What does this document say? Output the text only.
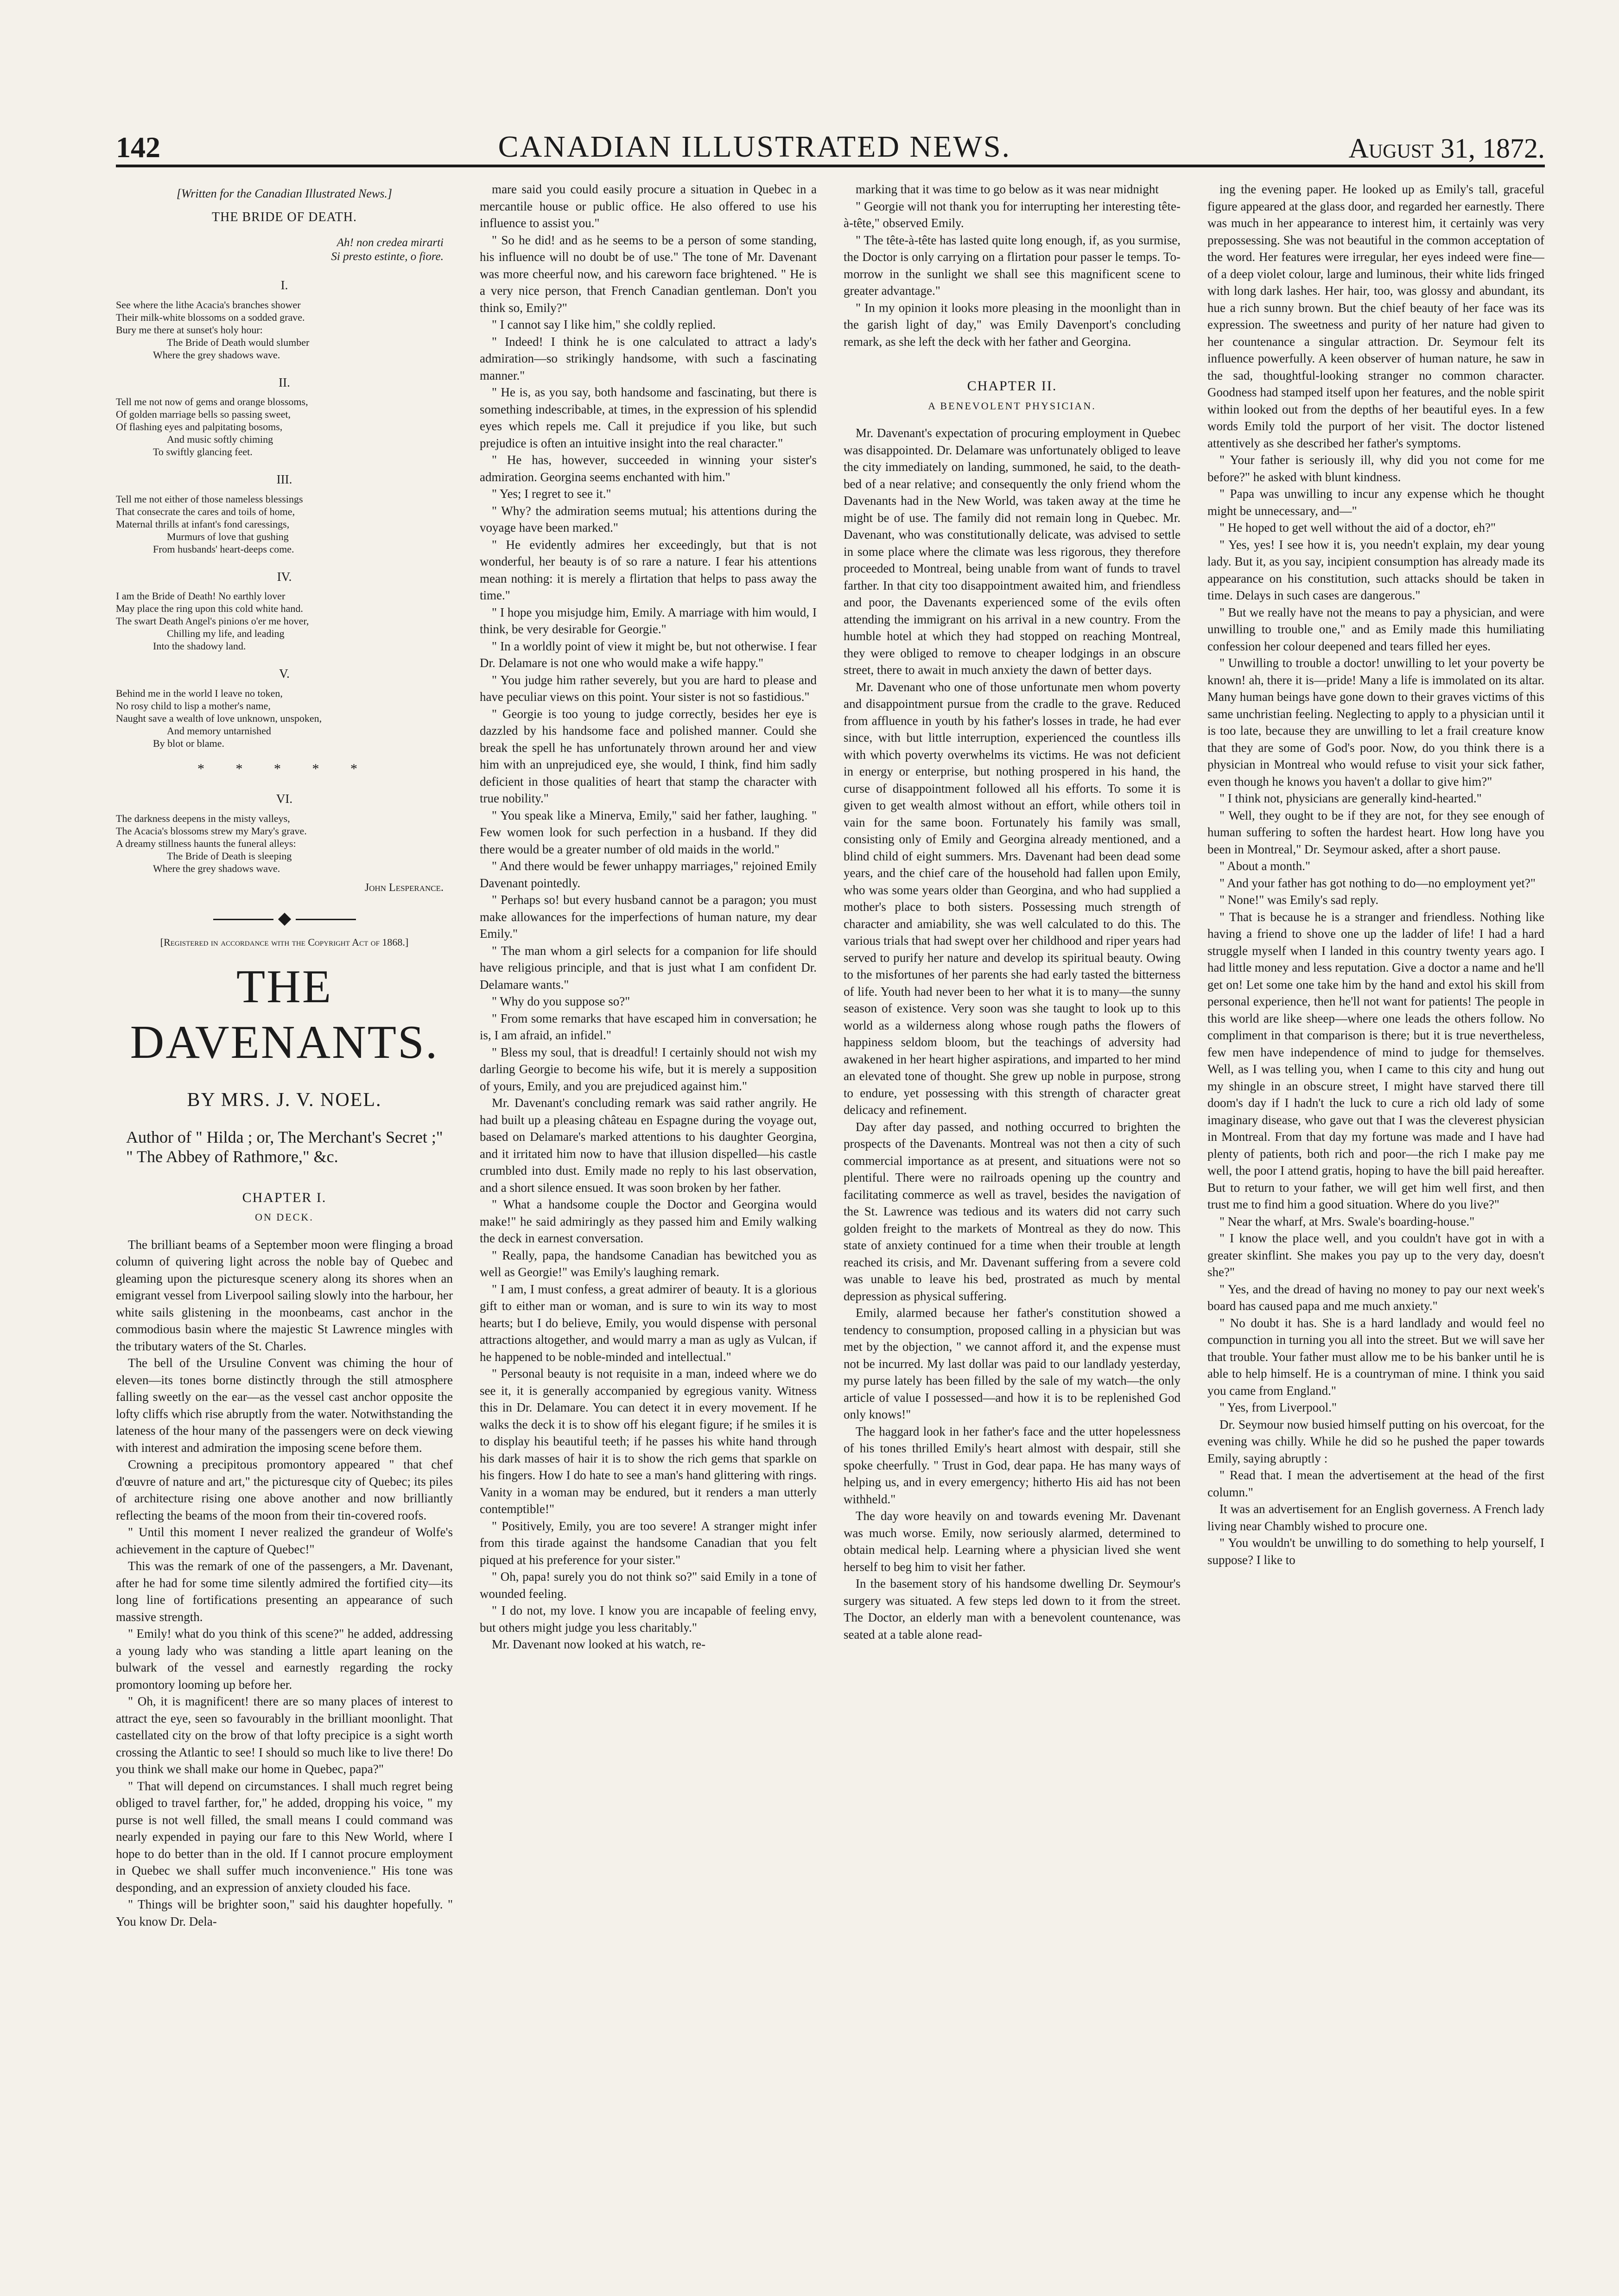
142	CANADIAN ILLUSTRATED NEWS.	August 31, 1872.
[Written for the Canadian Illustrated News.]
THE BRIDE OF DEATH.
Ah! non credea mirarti
Si presto estinte, o fiore.
I.
See where the lithe Acacia's branches shower
Their milk-white blossoms on a sodded grave.
Bury me there at sunset's holy hour:
The Bride of Death would slumber
Where the grey shadows wave.
II.
Tell me not now of gems and orange blossoms,
Of golden marriage bells so passing sweet,
Of flashing eyes and palpitating bosoms,
And music softly chiming
To swiftly glancing feet.
III.
Tell me not either of those nameless blessings
That consecrate the cares and toils of home,
Maternal thrills at infant's fond caressings,
Murmurs of love that gushing
From husbands' heart-deeps come.
IV.
I am the Bride of Death! No earthly lover
May place the ring upon this cold white hand.
The swart Death Angel's pinions o'er me hover,
Chilling my life, and leading
Into the shadowy land.
V.
Behind me in the world I leave no token,
No rosy child to lisp a mother's name,
Naught save a wealth of love unknown, unspoken,
And memory untarnished
By blot or blame.
* * * * *
VI.
The darkness deepens in the misty valleys,
The Acacia's blossoms strew my Mary's grave.
A dreamy stillness haunts the funeral alleys:
The Bride of Death is sleeping
Where the grey shadows wave.
John Lesperance.
[Registered in accordance with the Copyright Act of 1868.]
THE DAVENANTS.
BY MRS. J. V. NOEL.
Author of " Hilda ; or, The Merchant's Secret ;" " The Abbey of Rathmore," &c.
CHAPTER I.
ON DECK.

The brilliant beams of a September moon were flinging a broad column of quivering light across the noble bay of Quebec and gleaming upon the picturesque scenery along its shores when an emigrant vessel from Liverpool sailing slowly into the harbour, her white sails glistening in the moonbeams, cast anchor in the commodious basin where the majestic St Lawrence mingles with the tributary waters of the St. Charles.

The bell of the Ursuline Convent was chiming the hour of eleven—its tones borne distinctly through the still atmosphere falling sweetly on the ear—as the vessel cast anchor opposite the lofty cliffs which rise abruptly from the water. Notwithstanding the lateness of the hour many of the passengers were on deck viewing with interest and admiration the imposing scene before them.

Crowning a precipitous promontory appeared " that chef d'œuvre of nature and art," the picturesque city of Quebec; its piles of architecture rising one above another and now brilliantly reflecting the beams of the moon from their tin-covered roofs.

" Until this moment I never realized the grandeur of Wolfe's achievement in the capture of Quebec!"

This was the remark of one of the passengers, a Mr. Davenant, after he had for some time silently admired the fortified city—its long line of fortifications presenting an appearance of such massive strength.

" Emily! what do you think of this scene?" he added, addressing a young lady who was standing a little apart leaning on the bulwark of the vessel and earnestly regarding the rocky promontory looming up before her.

" Oh, it is magnificent! there are so many places of interest to attract the eye, seen so favourably in the brilliant moonlight. That castellated city on the brow of that lofty precipice is a sight worth crossing the Atlantic to see! I should so much like to live there! Do you think we shall make our home in Quebec, papa?"

" That will depend on circumstances. I shall much regret being obliged to travel farther, for," he added, dropping his voice, " my purse is not well filled, the small means I could command was nearly expended in paying our fare to this New World, where I hope to do better than in the old. If I cannot procure employment in Quebec we shall suffer much inconvenience." His tone was desponding, and an expression of anxiety clouded his face.

" Things will be brighter soon," said his daughter hopefully. " You know Dr. Dela-

mare said you could easily procure a situation in Quebec in a mercantile house or public office. He also offered to use his influence to assist you."

" So he did! and as he seems to be a person of some standing, his influence will no doubt be of use." The tone of Mr. Davenant was more cheerful now, and his careworn face brightened. " He is a very nice person, that French Canadian gentleman. Don't you think so, Emily?"

" I cannot say I like him," she coldly replied.

" Indeed! I think he is one calculated to attract a lady's admiration—so strikingly handsome, with such a fascinating manner."

" He is, as you say, both handsome and fascinating, but there is something indescribable, at times, in the expression of his splendid eyes which repels me. Call it prejudice if you like, but such prejudice is often an intuitive insight into the real character."

" He has, however, succeeded in winning your sister's admiration. Georgina seems enchanted with him."

" Yes; I regret to see it."

" Why? the admiration seems mutual; his attentions during the voyage have been marked."

" He evidently admires her exceedingly, but that is not wonderful, her beauty is of so rare a nature. I fear his attentions mean nothing: it is merely a flirtation that helps to pass away the time."

" I hope you misjudge him, Emily. A marriage with him would, I think, be very desirable for Georgie."

" In a worldly point of view it might be, but not otherwise. I fear Dr. Delamare is not one who would make a wife happy."

" You judge him rather severely, but you are hard to please and have peculiar views on this point. Your sister is not so fastidious."

" Georgie is too young to judge correctly, besides her eye is dazzled by his handsome face and polished manner. Could she break the spell he has unfortunately thrown around her and view him with an unprejudiced eye, she would, I think, find him sadly deficient in those qualities of heart that stamp the character with true nobility."

" You speak like a Minerva, Emily," said her father, laughing. " Few women look for such perfection in a husband. If they did there would be a greater number of old maids in the world."

" And there would be fewer unhappy marriages," rejoined Emily Davenant pointedly.

" Perhaps so! but every husband cannot be a paragon; you must make allowances for the imperfections of human nature, my dear Emily."

" The man whom a girl selects for a companion for life should have religious principle, and that is just what I am confident Dr. Delamare wants."

" Why do you suppose so?"

" From some remarks that have escaped him in conversation; he is, I am afraid, an infidel."

" Bless my soul, that is dreadful! I certainly should not wish my darling Georgie to become his wife, but it is merely a supposition of yours, Emily, and you are prejudiced against him."

Mr. Davenant's concluding remark was said rather angrily. He had built up a pleasing château en Espagne during the voyage out, based on Delamare's marked attentions to his daughter Georgina, and it irritated him now to have that illusion dispelled—his castle crumbled into dust. Emily made no reply to his last observation, and a short silence ensued. It was soon broken by her father.

" What a handsome couple the Doctor and Georgina would make!" he said admiringly as they passed him and Emily walking the deck in earnest conversation.

" Really, papa, the handsome Canadian has bewitched you as well as Georgie!" was Emily's laughing remark.

" I am, I must confess, a great admirer of beauty. It is a glorious gift to either man or woman, and is sure to win its way to most hearts; but I do believe, Emily, you would dispense with personal attractions altogether, and would marry a man as ugly as Vulcan, if he happened to be noble-minded and intellectual."

" Personal beauty is not requisite in a man, indeed where we do see it, it is generally accompanied by egregious vanity. Witness this in Dr. Delamare. You can detect it in every movement. If he walks the deck it is to show off his elegant figure; if he smiles it is to display his beautiful teeth; if he passes his white hand through his dark masses of hair it is to show the rich gems that sparkle on his fingers. How I do hate to see a man's hand glittering with rings. Vanity in a woman may be endured, but it renders a man utterly contemptible!"

" Positively, Emily, you are too severe! A stranger might infer from this tirade against the handsome Canadian that you felt piqued at his preference for your sister."

" Oh, papa! surely you do not think so?" said Emily in a tone of wounded feeling.

" I do not, my love. I know you are incapable of feeling envy, but others might judge you less charitably."

Mr. Davenant now looked at his watch, re-

marking that it was time to go below as it was near midnight

" Georgie will not thank you for interrupting her interesting tête-à-tête," observed Emily.

" The tête-à-tête has lasted quite long enough, if, as you surmise, the Doctor is only carrying on a flirtation pour passer le temps. To-morrow in the sunlight we shall see this magnificent scene to greater advantage."

" In my opinion it looks more pleasing in the moonlight than in the garish light of day," was Emily Davenport's concluding remark, as she left the deck with her father and Georgina.

CHAPTER II.
A BENEVOLENT PHYSICIAN.

Mr. Davenant's expectation of procuring employment in Quebec was disappointed. Dr. Delamare was unfortunately obliged to leave the city immediately on landing, summoned, he said, to the death-bed of a near relative; and consequently the only friend whom the Davenants had in the New World, was taken away at the time he might be of use. The family did not remain long in Quebec. Mr. Davenant, who was constitutionally delicate, was advised to settle in some place where the climate was less rigorous, they therefore proceeded to Montreal, being unable from want of funds to travel farther. In that city too disappointment awaited him, and friendless and poor, the Davenants experienced some of the evils often attending the immigrant on his arrival in a new country. From the humble hotel at which they had stopped on reaching Montreal, they were obliged to remove to cheaper lodgings in an obscure street, there to await in much anxiety the dawn of better days.

Mr. Davenant who one of those unfortunate men whom poverty and disappointment pursue from the cradle to the grave. Reduced from affluence in youth by his father's losses in trade, he had ever since, with but little interruption, experienced the countless ills with which poverty overwhelms its victims. He was not deficient in energy or enterprise, but nothing prospered in his hand, the curse of disappointment followed all his efforts. To some it is given to get wealth almost without an effort, while others toil in vain for the same boon. Fortunately his family was small, consisting only of Emily and Georgina already mentioned, and a blind child of eight summers. Mrs. Davenant had been dead some years, and the chief care of the household had fallen upon Emily, who was some years older than Georgina, and who had supplied a mother's place to both sisters. Possessing much strength of character and amiability, she was well calculated to do this. The various trials that had swept over her childhood and riper years had served to purify her nature and develop its spiritual beauty. Owing to the misfortunes of her parents she had early tasted the bitterness of life. Youth had never been to her what it is to many—the sunny season of existence. Very soon was she taught to look up to this world as a wilderness along whose rough paths the flowers of happiness seldom bloom, but the teachings of adversity had awakened in her heart higher aspirations, and imparted to her mind an elevated tone of thought. She grew up noble in purpose, strong to endure, yet possessing with this strength of character great delicacy and refinement.

Day after day passed, and nothing occurred to brighten the prospects of the Davenants. Montreal was not then a city of such commercial importance as at present, and situations were not so plentiful. There were no railroads opening up the country and facilitating commerce as well as travel, besides the navigation of the St. Lawrence was tedious and its waters did not carry such golden freight to the markets of Montreal as they do now. This state of anxiety continued for a time when their trouble at length reached its crisis, and Mr. Davenant suffering from a severe cold was unable to leave his bed, prostrated as much by mental depression as physical suffering.

Emily, alarmed because her father's constitution showed a tendency to consumption, proposed calling in a physician but was met by the objection, " we cannot afford it, and the expense must not be incurred. My last dollar was paid to our landlady yesterday, my purse lately has been filled by the sale of my watch—the only article of value I possessed—and how it is to be replenished God only knows!"

The haggard look in her father's face and the utter hopelessness of his tones thrilled Emily's heart almost with despair, still she spoke cheerfully. " Trust in God, dear papa. He has many ways of helping us, and in every emergency; hitherto His aid has not been withheld."

The day wore heavily on and towards evening Mr. Davenant was much worse. Emily, now seriously alarmed, determined to obtain medical help. Learning where a physician lived she went herself to beg him to visit her father.

In the basement story of his handsome dwelling Dr. Seymour's surgery was situated. A few steps led down to it from the street. The Doctor, an elderly man with a benevolent countenance, was seated at a table alone read-

ing the evening paper. He looked up as Emily's tall, graceful figure appeared at the glass door, and regarded her earnestly. There was much in her appearance to interest him, it certainly was very prepossessing. She was not beautiful in the common acceptation of the word. Her features were irregular, her eyes indeed were fine—of a deep violet colour, large and luminous, their white lids fringed with long dark lashes. Her hair, too, was glossy and abundant, its hue a rich sunny brown. But the chief beauty of her face was its expression. The sweetness and purity of her nature had given to her countenance a singular attraction. Dr. Seymour felt its influence powerfully. A keen observer of human nature, he saw in the sad, thoughtful-looking stranger no common character. Goodness had stamped itself upon her features, and the noble spirit within looked out from the depths of her beautiful eyes. In a few words Emily told the purport of her visit. The doctor listened attentively as she described her father's symptoms.

" Your father is seriously ill, why did you not come for me before?" he asked with blunt kindness.

" Papa was unwilling to incur any expense which he thought might be unnecessary, and—"

" He hoped to get well without the aid of a doctor, eh?"

" Yes, yes! I see how it is, you needn't explain, my dear young lady. But it, as you say, incipient consumption has already made its appearance on his constitution, such attacks should be taken in time. Delays in such cases are dangerous."

" But we really have not the means to pay a physician, and were unwilling to trouble one," and as Emily made this humiliating confession her colour deepened and tears filled her eyes.

" Unwilling to trouble a doctor! unwilling to let your poverty be known! ah, there it is—pride! Many a life is immolated on its altar. Many human beings have gone down to their graves victims of this same unchristian feeling. Neglecting to apply to a physician until it is too late, because they are unwilling to let a frail creature know that they are some of God's poor. Now, do you think there is a physician in Montreal who would refuse to visit your sick father, even though he knows you haven't a dollar to give him?"

" I think not, physicians are generally kind-hearted."

" Well, they ought to be if they are not, for they see enough of human suffering to soften the hardest heart. How long have you been in Montreal," Dr. Seymour asked, after a short pause.

" About a month."

" And your father has got nothing to do—no employment yet?"

" None!" was Emily's sad reply.

" That is because he is a stranger and friendless. Nothing like having a friend to shove one up the ladder of life! I had a hard struggle myself when I landed in this country twenty years ago. I had little money and less reputation. Give a doctor a name and he'll get on! Let some one take him by the hand and extol his skill from personal experience, then he'll not want for patients! The people in this world are like sheep—where one leads the others follow. No compliment in that comparison is there; but it is true nevertheless, few men have independence of mind to judge for themselves. Well, as I was telling you, when I came to this city and hung out my shingle in an obscure street, I might have starved there till doom's day if I hadn't the luck to cure a rich old lady of some imaginary disease, who gave out that I was the cleverest physician in Montreal. From that day my fortune was made and I have had plenty of patients, both rich and poor—the rich I make pay me well, the poor I attend gratis, hoping to have the bill paid hereafter. But to return to your father, we will get him well first, and then trust me to find him a good situation. Where do you live?"

" Near the wharf, at Mrs. Swale's boarding-house."

" I know the place well, and you couldn't have got in with a greater skinflint. She makes you pay up to the very day, doesn't she?"

" Yes, and the dread of having no money to pay our next week's board has caused papa and me much anxiety."

" No doubt it has. She is a hard landlady and would feel no compunction in turning you all into the street. But we will save her that trouble. Your father must allow me to be his banker until he is able to help himself. He is a countryman of mine. I think you said you came from England."

" Yes, from Liverpool."

Dr. Seymour now busied himself putting on his overcoat, for the evening was chilly. While he did so he pushed the paper towards Emily, saying abruptly :

" Read that. I mean the advertisement at the head of the first column."

It was an advertisement for an English governess. A French lady living near Chambly wished to procure one.

" You wouldn't be unwilling to do something to help yourself, I suppose? I like to
